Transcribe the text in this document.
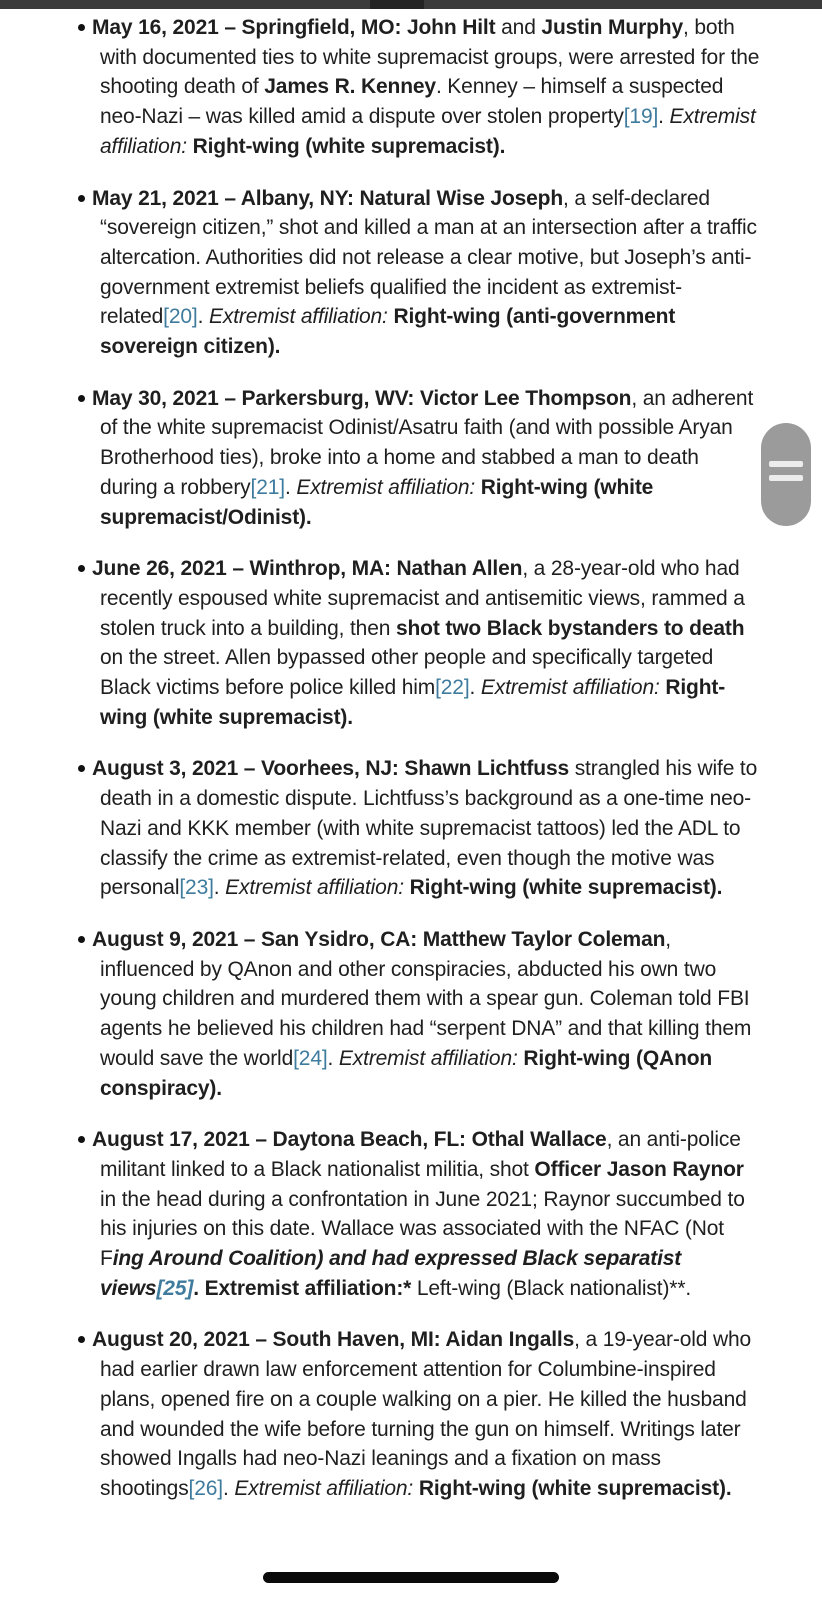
May 16, 2021 – Springfield, MO: John Hilt and Justin Murphy, both with documented ties to white supremacist groups, were arrested for the shooting death of James R. Kenney. Kenney – himself a suspected neo-Nazi – was killed amid a dispute over stolen property[19]. Extremist affiliation: Right-wing (white supremacist).
May 21, 2021 – Albany, NY: Natural Wise Joseph, a self-declared “sovereign citizen,” shot and killed a man at an intersection after a traffic altercation. Authorities did not release a clear motive, but Joseph’s anti-government extremist beliefs qualified the incident as extremist-related[20]. Extremist affiliation: Right-wing (anti-government sovereign citizen).
May 30, 2021 – Parkersburg, WV: Victor Lee Thompson, an adherent of the white supremacist Odinist/Asatru faith (and with possible Aryan Brotherhood ties), broke into a home and stabbed a man to death during a robbery[21]. Extremist affiliation: Right-wing (white supremacist/Odinist).
June 26, 2021 – Winthrop, MA: Nathan Allen, a 28-year-old who had recently espoused white supremacist and antisemitic views, rammed a stolen truck into a building, then shot two Black bystanders to death on the street. Allen bypassed other people and specifically targeted Black victims before police killed him[22]. Extremist affiliation: Right-wing (white supremacist).
August 3, 2021 – Voorhees, NJ: Shawn Lichtfuss strangled his wife to death in a domestic dispute. Lichtfuss’s background as a one-time neo-Nazi and KKK member (with white supremacist tattoos) led the ADL to classify the crime as extremist-related, even though the motive was personal[23]. Extremist affiliation: Right-wing (white supremacist).
August 9, 2021 – San Ysidro, CA: Matthew Taylor Coleman, influenced by QAnon and other conspiracies, abducted his own two young children and murdered them with a spear gun. Coleman told FBI agents he believed his children had “serpent DNA” and that killing them would save the world[24]. Extremist affiliation: Right-wing (QAnon conspiracy).
August 17, 2021 – Daytona Beach, FL: Othal Wallace, an anti-police militant linked to a Black nationalist militia, shot Officer Jason Raynor in the head during a confrontation in June 2021; Raynor succumbed to his injuries on this date. Wallace was associated with the NFAC (Not Fing Around Coalition) and had expressed Black separatist views[25]. Extremist affiliation:* Left-wing (Black nationalist)**.
August 20, 2021 – South Haven, MI: Aidan Ingalls, a 19-year-old who had earlier drawn law enforcement attention for Columbine-inspired plans, opened fire on a couple walking on a pier. He killed the husband and wounded the wife before turning the gun on himself. Writings later showed Ingalls had neo-Nazi leanings and a fixation on mass shootings[26]. Extremist affiliation: Right-wing (white supremacist).
